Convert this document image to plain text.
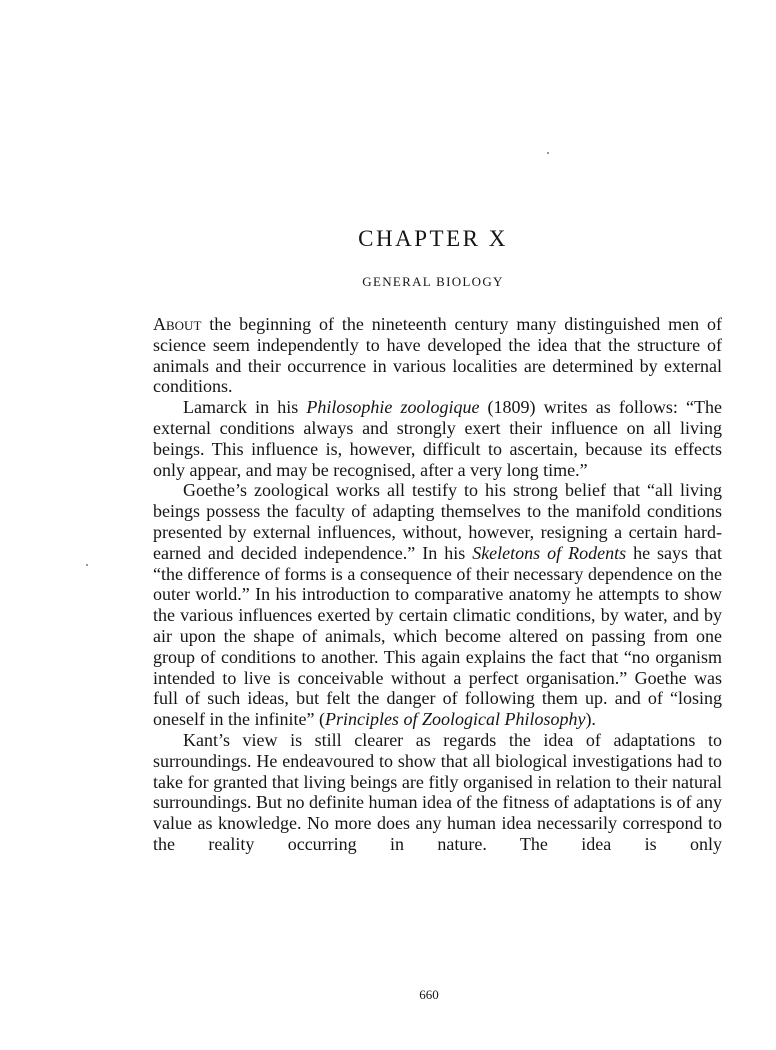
CHAPTER X
GENERAL BIOLOGY

About the beginning of the nineteenth century many distinguished men of science seem independently to have developed the idea that the structure of animals and their occurrence in various localities are determined by external conditions.

Lamarck in his Philosophie zoologique (1809) writes as follows: “The external conditions always and strongly exert their influence on all living beings. This influence is, however, difficult to ascertain, because its effects only appear, and may be recognised, after a very long time.”

Goethe’s zoological works all testify to his strong belief that “all living beings possess the faculty of adapting themselves to the manifold conditions presented by external influences, without, however, resigning a certain hard-earned and decided independence.” In his Skeletons of Rodents he says that “the difference of forms is a consequence of their necessary dependence on the outer world.” In his introduction to comparative anatomy he attempts to show the various influences exerted by certain climatic conditions, by water, and by air upon the shape of animals, which become altered on passing from one group of conditions to another. This again explains the fact that “no organism intended to live is conceivable without a perfect organisation.” Goethe was full of such ideas, but felt the danger of following them up. and of “losing oneself in the infinite” (Principles of Zoological Philosophy).

Kant’s view is still clearer as regards the idea of adaptations to surroundings. He endeavoured to show that all biological investigations had to take for granted that living beings are fitly organised in relation to their natural surroundings. But no definite human idea of the fitness of adaptations is of any value as knowledge. No more does any human idea necessarily correspond to the reality occurring in nature. The idea is only

660
